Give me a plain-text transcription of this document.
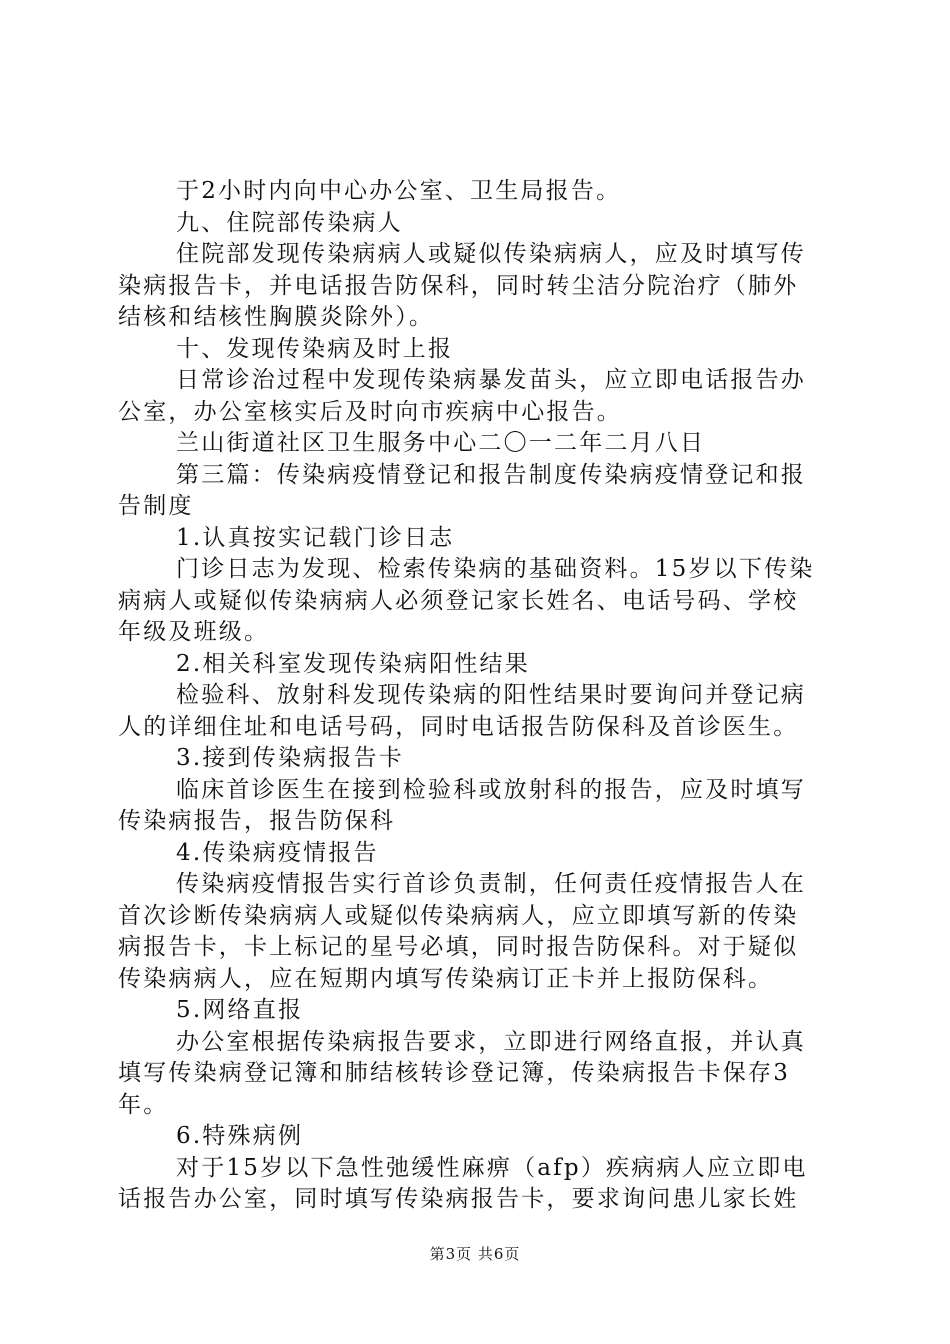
于2小时内向中心办公室、卫生局报告。
九、住院部传染病人
住院部发现传染病病人或疑似传染病病人，应及时填写传
染病报告卡，并电话报告防保科，同时转尘洁分院治疗（肺外
结核和结核性胸膜炎除外）。
十、发现传染病及时上报
日常诊治过程中发现传染病暴发苗头，应立即电话报告办
公室，办公室核实后及时向市疾病中心报告。
兰山街道社区卫生服务中心二〇一二年二月八日
第三篇：传染病疫情登记和报告制度传染病疫情登记和报
告制度
1.认真按实记载门诊日志
门诊日志为发现、检索传染病的基础资料。15岁以下传染
病病人或疑似传染病病人必须登记家长姓名、电话号码、学校
年级及班级。
2.相关科室发现传染病阳性结果
检验科、放射科发现传染病的阳性结果时要询问并登记病
人的详细住址和电话号码，同时电话报告防保科及首诊医生。
3.接到传染病报告卡
临床首诊医生在接到检验科或放射科的报告，应及时填写
传染病报告，报告防保科
4.传染病疫情报告
传染病疫情报告实行首诊负责制，任何责任疫情报告人在
首次诊断传染病病人或疑似传染病病人，应立即填写新的传染
病报告卡，卡上标记的星号必填，同时报告防保科。对于疑似
传染病病人，应在短期内填写传染病订正卡并上报防保科。
5.网络直报
办公室根据传染病报告要求，立即进行网络直报，并认真
填写传染病登记簿和肺结核转诊登记簿，传染病报告卡保存3
年。
6.特殊病例
对于15岁以下急性弛缓性麻痹（afp）疾病病人应立即电
话报告办公室，同时填写传染病报告卡，要求询问患儿家长姓
第3页 共6页
